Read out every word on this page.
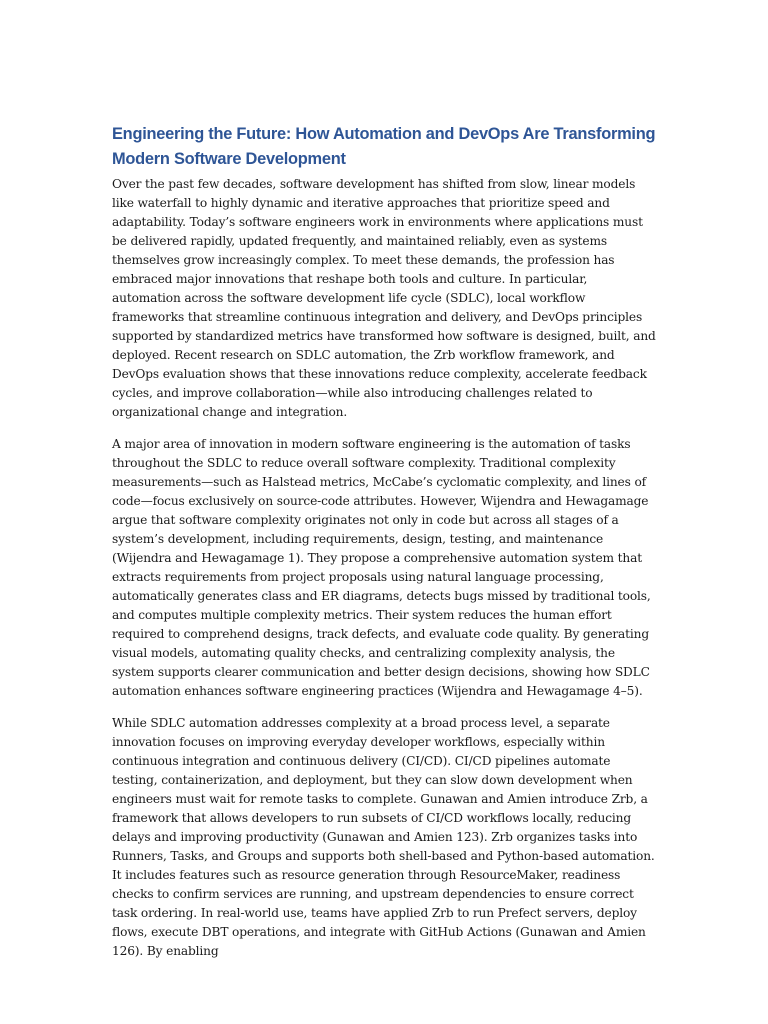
Engineering the Future: How Automation and DevOps Are Transforming Modern Software Development

Over the past few decades, software development has shifted from slow, linear models like waterfall to highly dynamic and iterative approaches that prioritize speed and adaptability. Today’s software engineers work in environments where applications must be delivered rapidly, updated frequently, and maintained reliably, even as systems themselves grow increasingly complex. To meet these demands, the profession has embraced major innovations that reshape both tools and culture. In particular, automation across the software development life cycle (SDLC), local workflow frameworks that streamline continuous integration and delivery, and DevOps principles supported by standardized metrics have transformed how software is designed, built, and deployed. Recent research on SDLC automation, the Zrb workflow framework, and DevOps evaluation shows that these innovations reduce complexity, accelerate feedback cycles, and improve collaboration—while also introducing challenges related to organizational change and integration.

A major area of innovation in modern software engineering is the automation of tasks throughout the SDLC to reduce overall software complexity. Traditional complexity measurements—such as Halstead metrics, McCabe’s cyclomatic complexity, and lines of code—focus exclusively on source-code attributes. However, Wijendra and Hewagamage argue that software complexity originates not only in code but across all stages of a system’s development, including requirements, design, testing, and maintenance (Wijendra and Hewagamage 1). They propose a comprehensive automation system that extracts requirements from project proposals using natural language processing, automatically generates class and ER diagrams, detects bugs missed by traditional tools, and computes multiple complexity metrics. Their system reduces the human effort required to comprehend designs, track defects, and evaluate code quality. By generating visual models, automating quality checks, and centralizing complexity analysis, the system supports clearer communication and better design decisions, showing how SDLC automation enhances software engineering practices (Wijendra and Hewagamage 4–5).

While SDLC automation addresses complexity at a broad process level, a separate innovation focuses on improving everyday developer workflows, especially within continuous integration and continuous delivery (CI/CD). CI/CD pipelines automate testing, containerization, and deployment, but they can slow down development when engineers must wait for remote tasks to complete. Gunawan and Amien introduce Zrb, a framework that allows developers to run subsets of CI/CD workflows locally, reducing delays and improving productivity (Gunawan and Amien 123). Zrb organizes tasks into Runners, Tasks, and Groups and supports both shell-based and Python-based automation. It includes features such as resource generation through ResourceMaker, readiness checks to confirm services are running, and upstream dependencies to ensure correct task ordering. In real-world use, teams have applied Zrb to run Prefect servers, deploy flows, execute DBT operations, and integrate with GitHub Actions (Gunawan and Amien 126). By enabling
